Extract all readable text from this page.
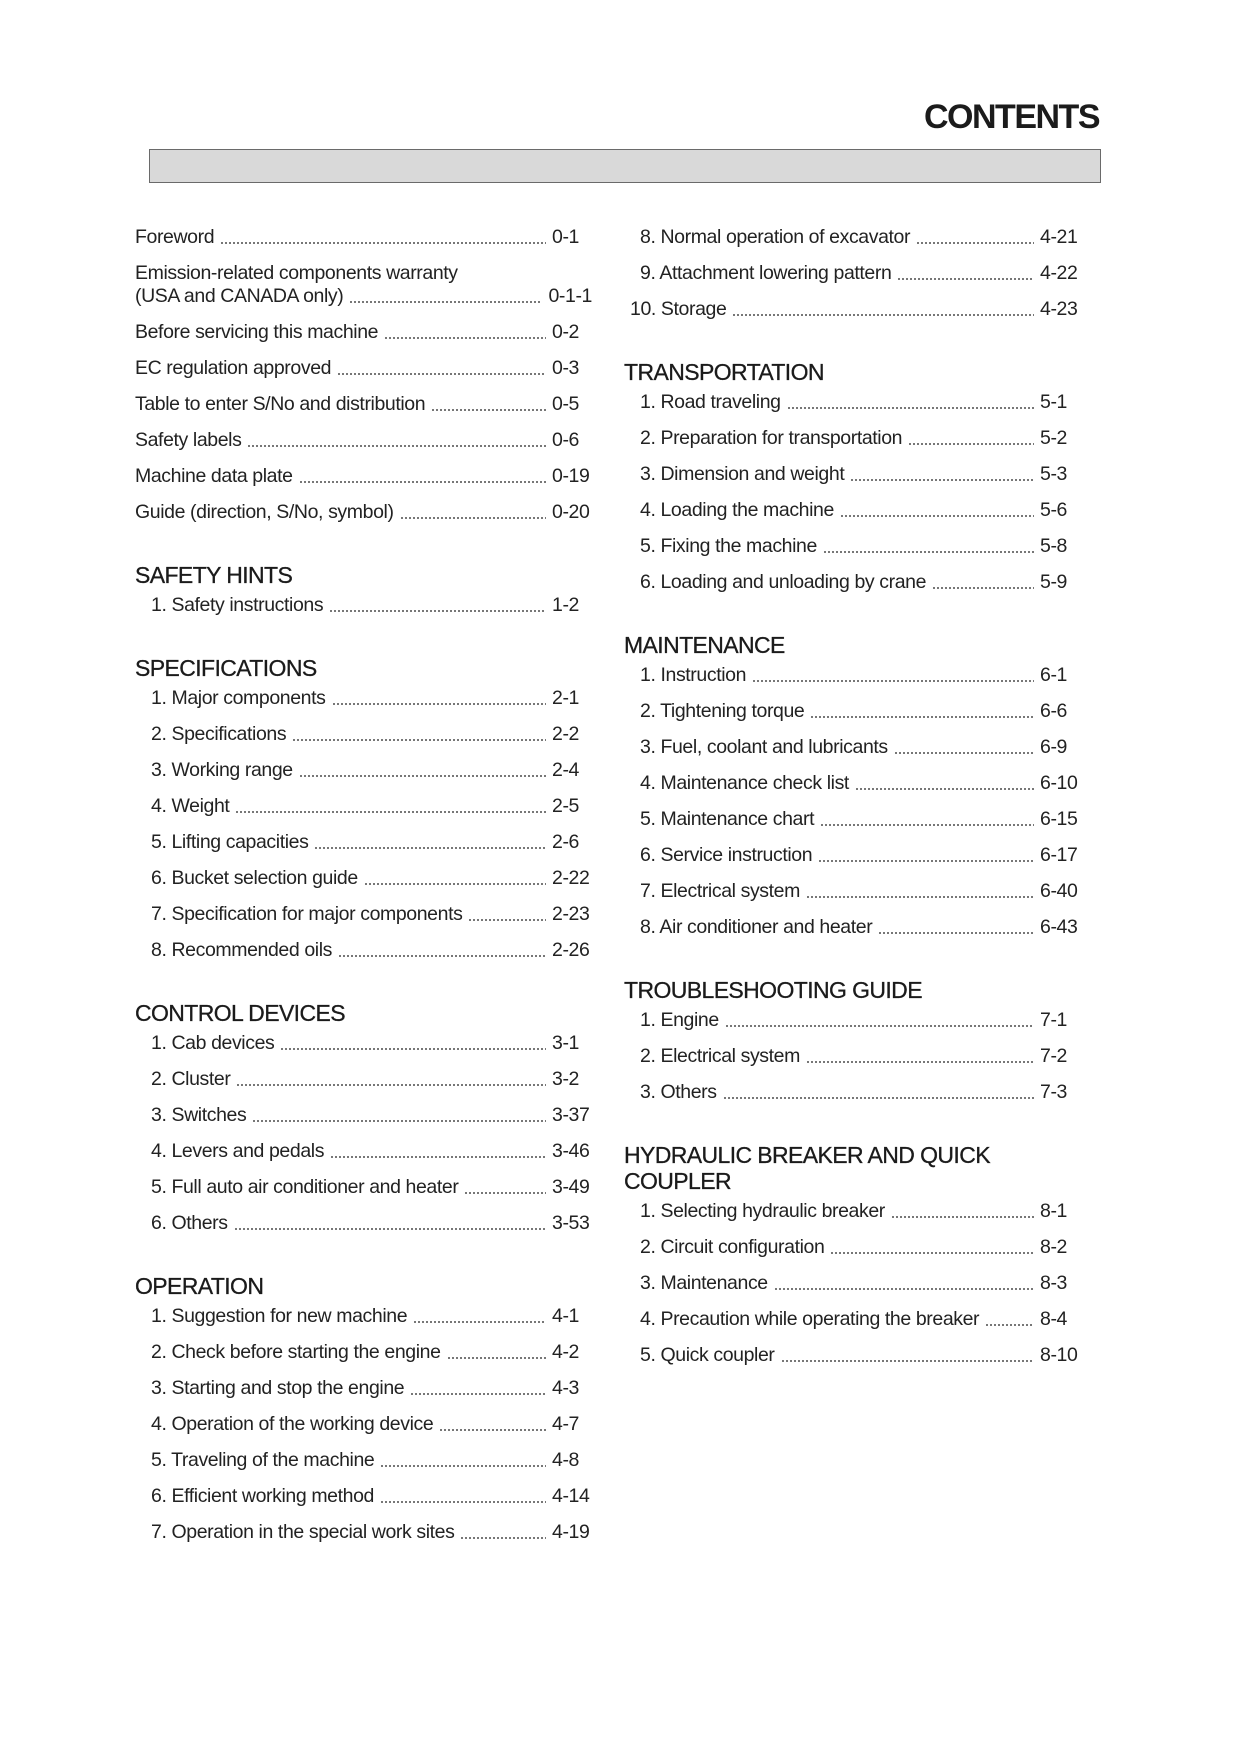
CONTENTS
Foreword	0-1
Emission-related components warranty
(USA and CANADA only)	0-1-1
Before servicing this machine	0-2
EC regulation approved	0-3
Table to enter S/No and distribution	0-5
Safety labels	0-6
Machine data plate	0-19
Guide (direction, S/No, symbol)	0-20
SAFETY HINTS
1. Safety instructions	1-2
SPECIFICATIONS
1. Major components	2-1
2. Specifications	2-2
3. Working range	2-4
4. Weight	2-5
5. Lifting capacities	2-6
6. Bucket selection guide	2-22
7. Specification for major components	2-23
8. Recommended oils	2-26
CONTROL DEVICES
1. Cab devices	3-1
2. Cluster	3-2
3. Switches	3-37
4. Levers and pedals	3-46
5. Full auto air conditioner and heater	3-49
6. Others	3-53
OPERATION
1. Suggestion for new machine	4-1
2. Check before starting the engine	4-2
3. Starting and stop the engine	4-3
4. Operation of the working device	4-7
5. Traveling of the machine	4-8
6. Efficient working method	4-14
7. Operation in the special work sites	4-19
8. Normal operation of excavator	4-21
9. Attachment lowering pattern	4-22
10. Storage	4-23
TRANSPORTATION
1. Road traveling	5-1
2. Preparation for transportation	5-2
3. Dimension and weight	5-3
4. Loading the machine	5-6
5. Fixing the machine	5-8
6. Loading and unloading by crane	5-9
MAINTENANCE
1. Instruction	6-1
2. Tightening torque	6-6
3. Fuel, coolant and lubricants	6-9
4. Maintenance check list	6-10
5. Maintenance chart	6-15
6. Service instruction	6-17
7. Electrical system	6-40
8. Air conditioner and heater	6-43
TROUBLESHOOTING GUIDE
1. Engine	7-1
2. Electrical system	7-2
3. Others	7-3
HYDRAULIC BREAKER AND QUICK COUPLER
1. Selecting hydraulic breaker	8-1
2. Circuit configuration	8-2
3. Maintenance	8-3
4. Precaution while operating the breaker	8-4
5. Quick coupler	8-10
